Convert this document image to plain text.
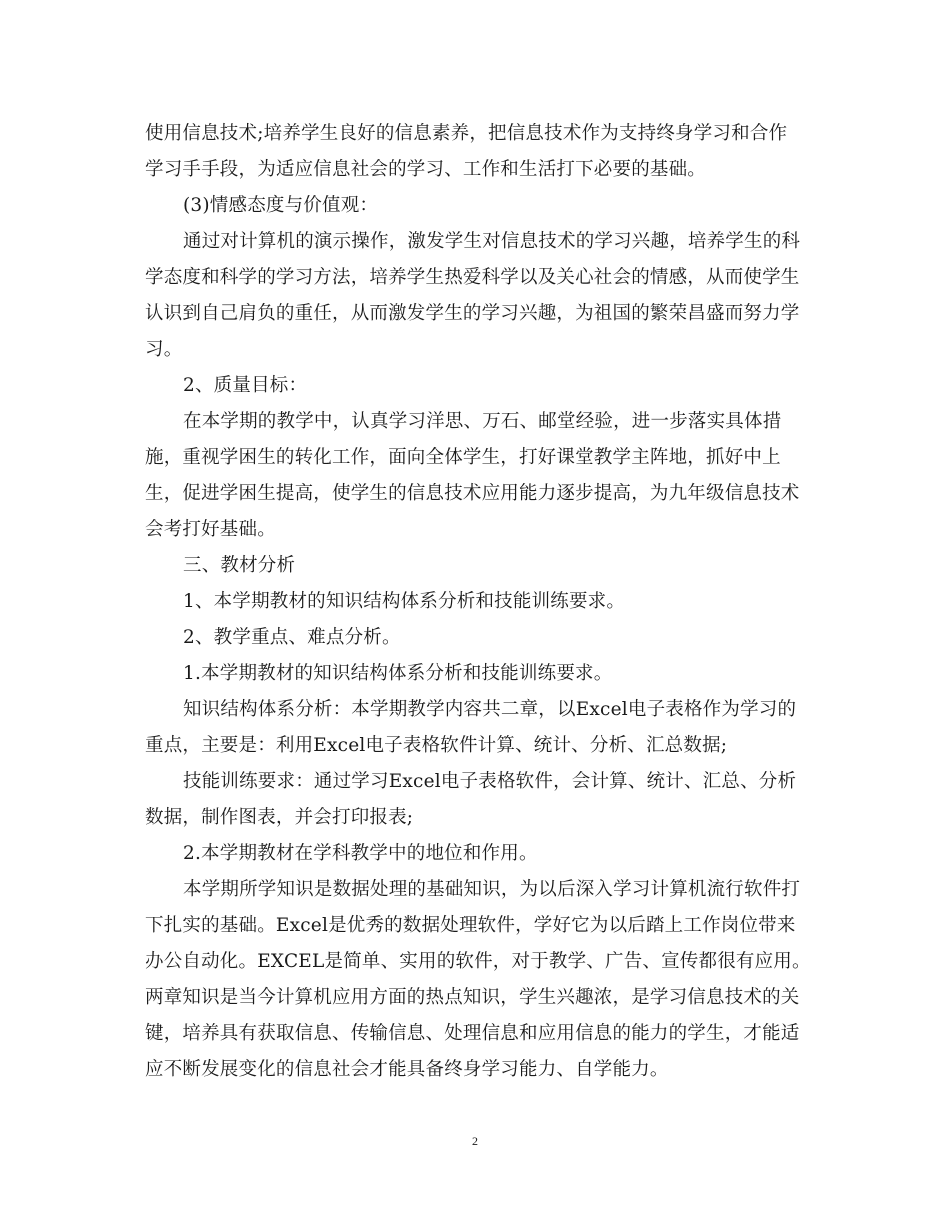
使用信息技术;培养学生良好的信息素养，把信息技术作为支持终身学习和合作
学习手手段，为适应信息社会的学习、工作和生活打下必要的基础。
(3)情感态度与价值观：
通过对计算机的演示操作，激发学生对信息技术的学习兴趣，培养学生的科
学态度和科学的学习方法，培养学生热爱科学以及关心社会的情感，从而使学生
认识到自己肩负的重任，从而激发学生的学习兴趣，为祖国的繁荣昌盛而努力学
习。
2、质量目标：
在本学期的教学中，认真学习洋思、万石、邮堂经验，进一步落实具体措
施，重视学困生的转化工作，面向全体学生，打好课堂教学主阵地，抓好中上
生，促进学困生提高，使学生的信息技术应用能力逐步提高，为九年级信息技术
会考打好基础。
三、教材分析
1、本学期教材的知识结构体系分析和技能训练要求。
2、教学重点、难点分析。
1.本学期教材的知识结构体系分析和技能训练要求。
知识结构体系分析：本学期教学内容共二章，以Excel电子表格作为学习的
重点，主要是：利用Excel电子表格软件计算、统计、分析、汇总数据;
技能训练要求：通过学习Excel电子表格软件，会计算、统计、汇总、分析
数据，制作图表，并会打印报表;
2.本学期教材在学科教学中的地位和作用。
本学期所学知识是数据处理的基础知识，为以后深入学习计算机流行软件打
下扎实的基础。Excel是优秀的数据处理软件，学好它为以后踏上工作岗位带来
办公自动化。EXCEL是简单、实用的软件，对于教学、广告、宣传都很有应用。
两章知识是当今计算机应用方面的热点知识，学生兴趣浓，是学习信息技术的关
键，培养具有获取信息、传输信息、处理信息和应用信息的能力的学生，才能适
应不断发展变化的信息社会才能具备终身学习能力、自学能力。
2
